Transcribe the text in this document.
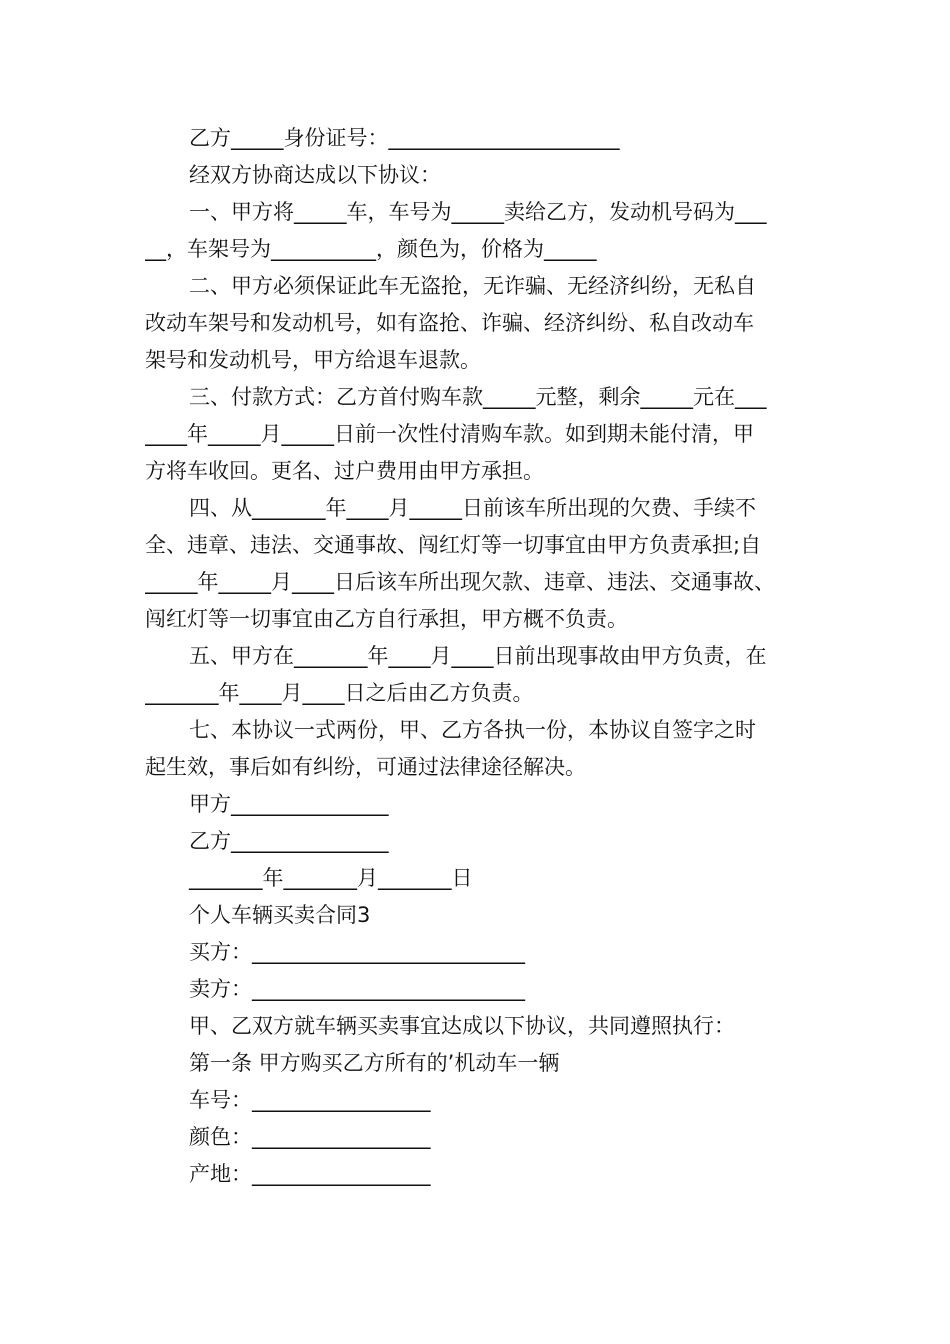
乙方_____身份证号：______________________
经双方协商达成以下协议：
一、甲方将_____车，车号为_____卖给乙方，发动机号码为___
__，车架号为__________，颜色为，价格为_____
二、甲方必须保证此车无盗抢，无诈骗、无经济纠纷，无私自
改动车架号和发动机号，如有盗抢、诈骗、经济纠纷、私自改动车
架号和发动机号，甲方给退车退款。
三、付款方式：乙方首付购车款_____元整，剩余_____元在___
____年_____月_____日前一次性付清购车款。如到期未能付清，甲
方将车收回。更名、过户费用由甲方承担。
四、从_______年____月_____日前该车所出现的欠费、手续不
全、违章、违法、交通事故、闯红灯等一切事宜由甲方负责承担;自
_____年_____月____日后该车所出现欠款、违章、违法、交通事故、
闯红灯等一切事宜由乙方自行承担，甲方概不负责。
五、甲方在_______年____月____日前出现事故由甲方负责，在
_______年____月____日之后由乙方负责。
七、本协议一式两份，甲、乙方各执一份，本协议自签字之时
起生效，事后如有纠纷，可通过法律途径解决。
甲方_______________
乙方_______________
_______年_______月_______日
个人车辆买卖合同3
买方：__________________________
卖方：__________________________
甲、乙双方就车辆买卖事宜达成以下协议，共同遵照执行：
第一条 甲方购买乙方所有的’机动车一辆
车号：_________________
颜色：_________________
产地：_________________
